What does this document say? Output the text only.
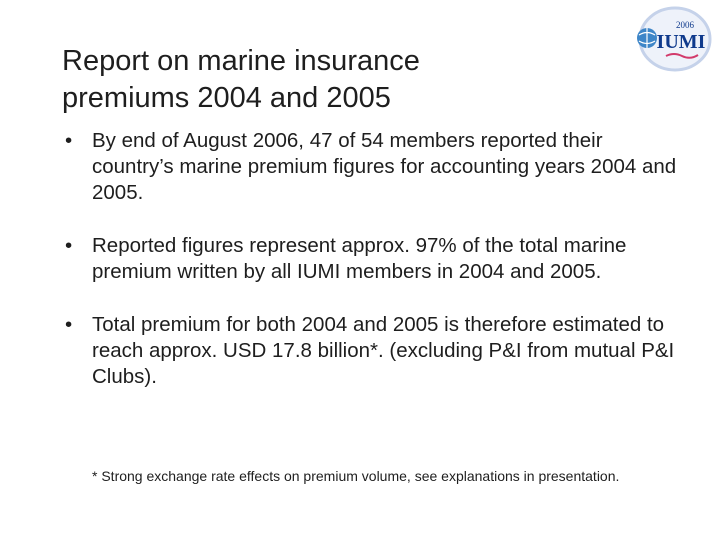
Report on marine insurance
premiums 2004 and 2005
2006
IUMI
• By end of August 2006, 47 of 54 members reported their country’s marine premium figures for accounting years 2004 and 2005.
• Reported figures represent approx. 97% of the total marine premium written by all IUMI members in 2004 and 2005.
• Total premium for both 2004 and 2005 is therefore estimated to reach approx. USD 17.8 billion*. (excluding P&I from mutual P&I Clubs).

* Strong exchange rate effects on premium volume, see explanations in presentation.
